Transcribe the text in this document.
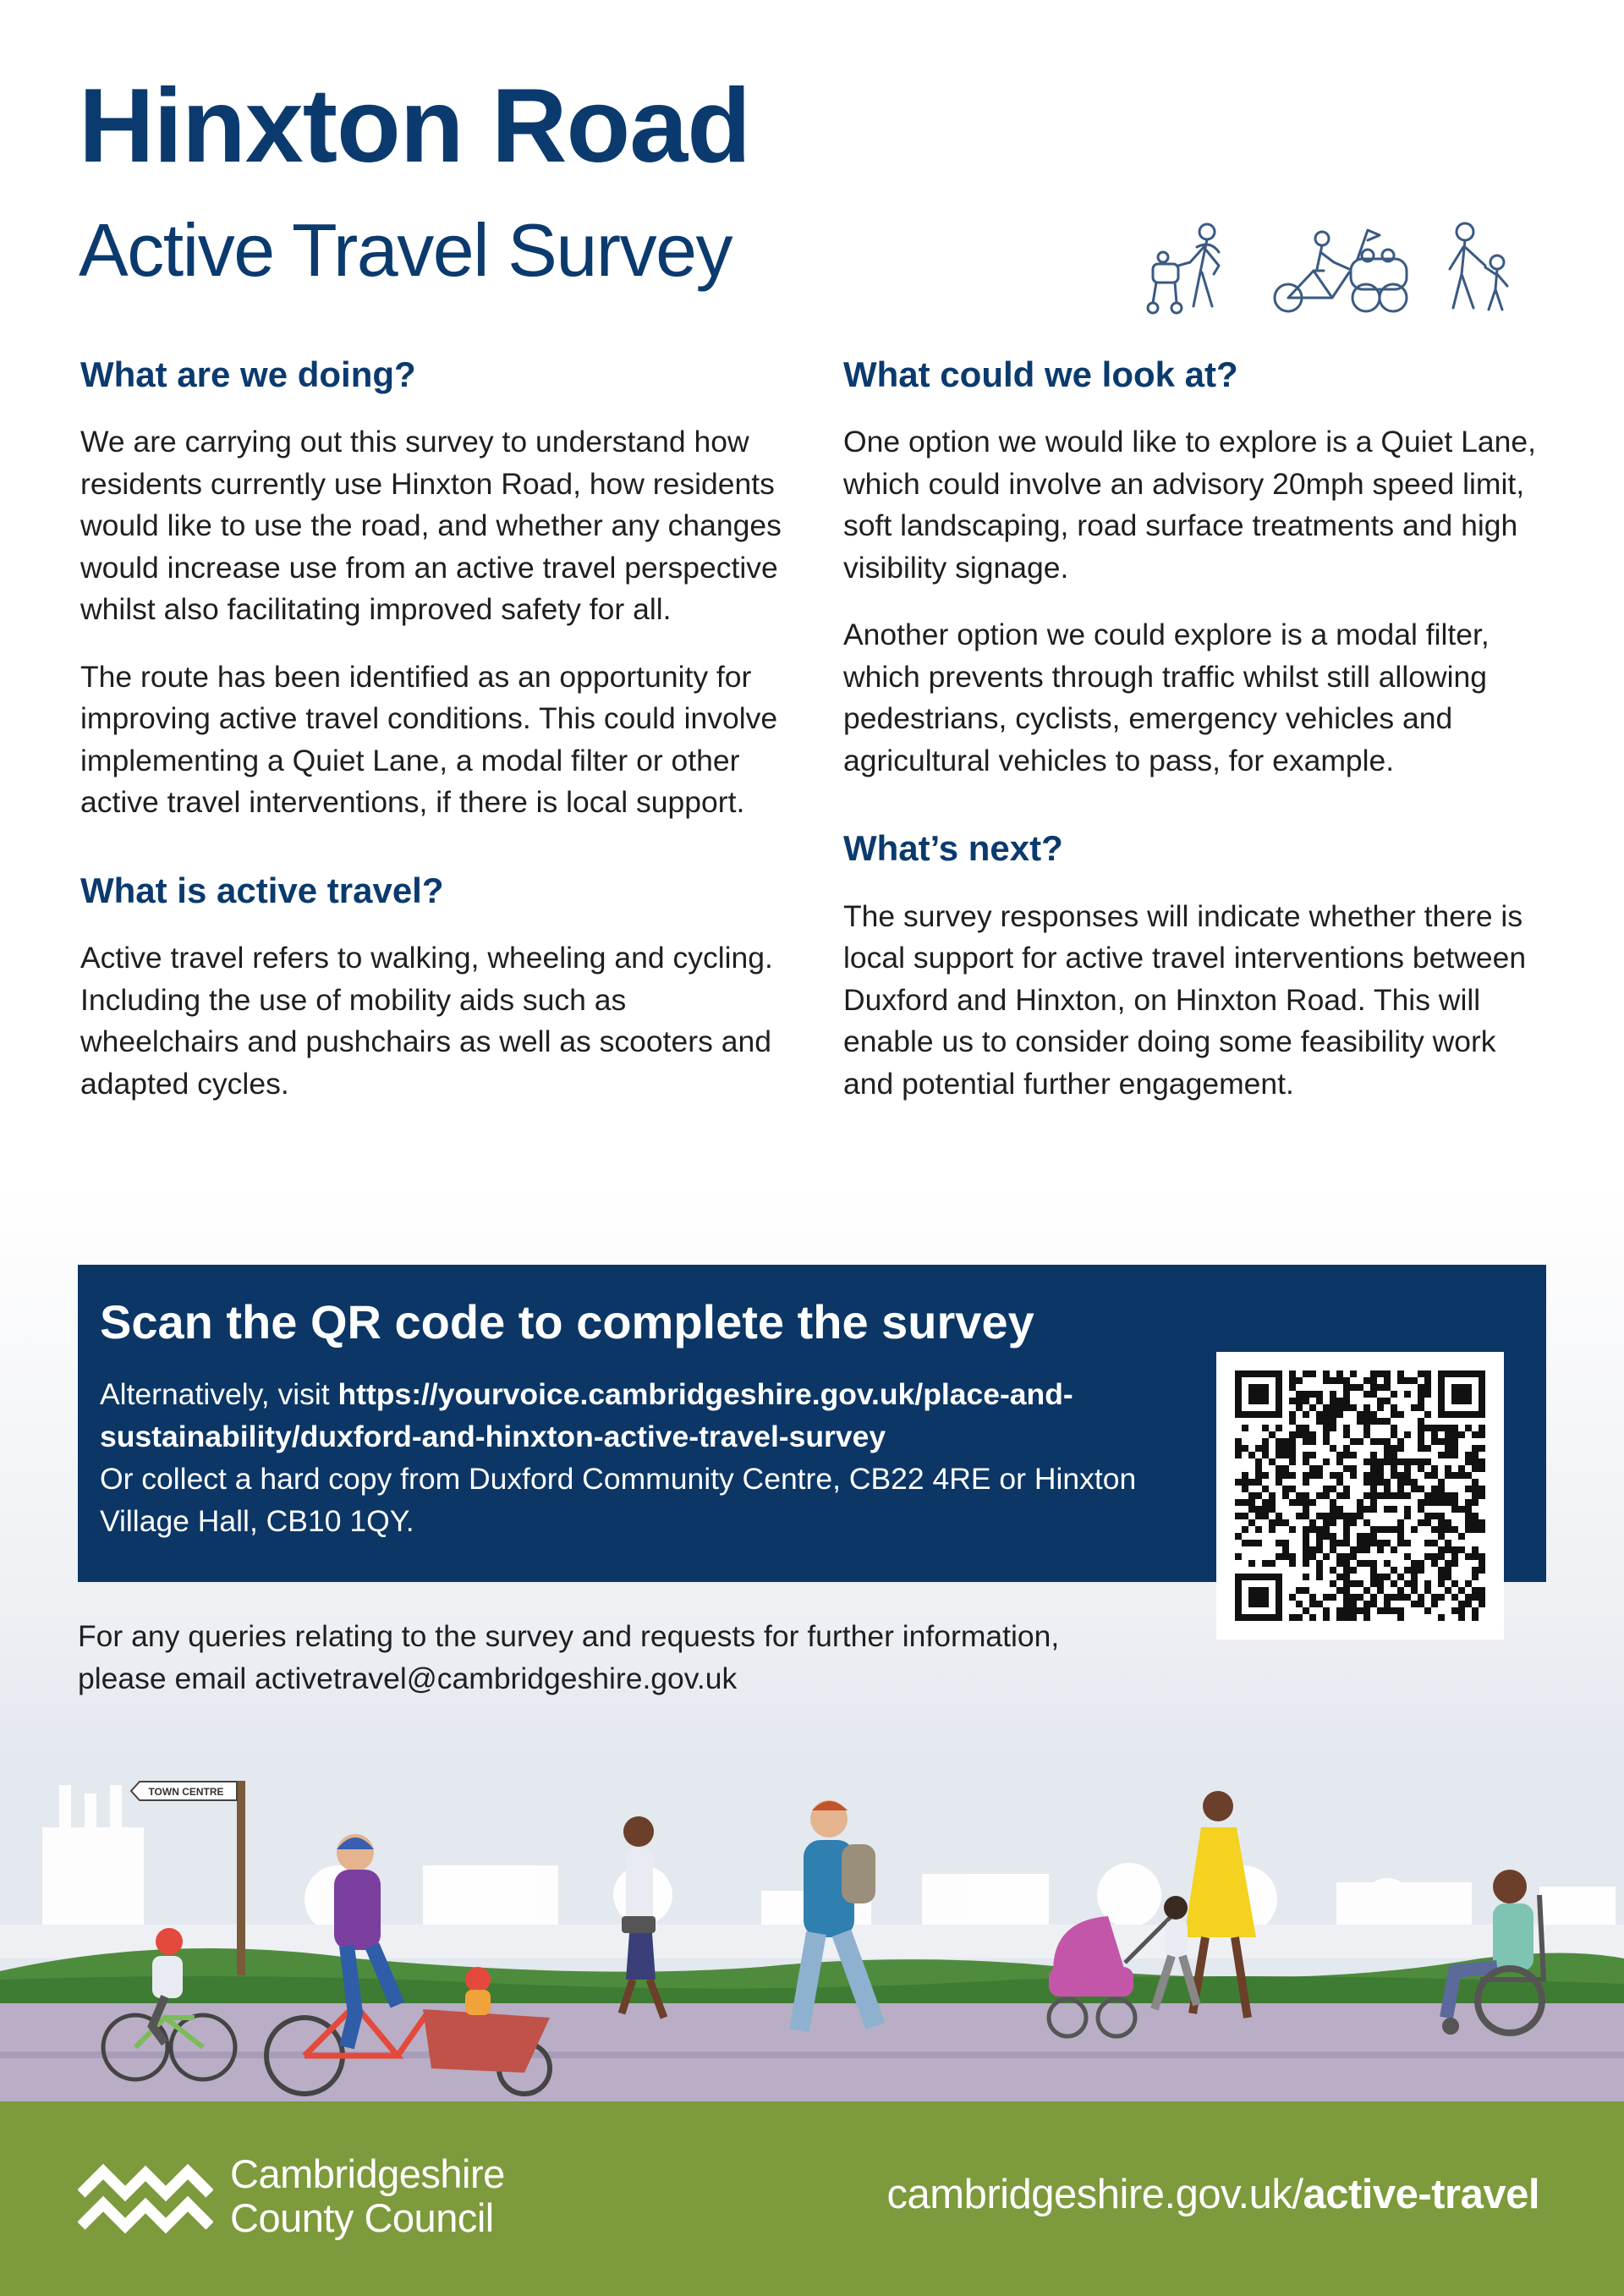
Hinxton Road
Active Travel Survey
What are we doing?

We are carrying out this survey to understand how residents currently use Hinxton Road, how residents would like to use the road, and whether any changes would increase use from an active travel perspective whilst also facilitating improved safety for all.

The route has been identified as an opportunity for improving active travel conditions. This could involve implementing a Quiet Lane, a modal filter or other active travel interventions, if there is local support.

What is active travel?

Active travel refers to walking, wheeling and cycling. Including the use of mobility aids such as wheelchairs and pushchairs as well as scooters and adapted cycles.

What could we look at?

One option we would like to explore is a Quiet Lane, which could involve an advisory 20mph speed limit, soft landscaping, road surface treatments and high visibility signage.

Another option we could explore is a modal filter, which prevents through traffic whilst still allowing pedestrians, cyclists, emergency vehicles and agricultural vehicles to pass, for example.

What’s next?

The survey responses will indicate whether there is local support for active travel interventions between Duxford and Hinxton, on Hinxton Road. This will enable us to consider doing some feasibility work and potential further engagement.

Scan the QR code to complete the survey

Alternatively, visit https://yourvoice.cambridgeshire.gov.uk/place-and-sustainability/duxford-and-hinxton-active-travel-survey

Or collect a hard copy from Duxford Community Centre, CB22 4RE or Hinxton Village Hall, CB10 1QY.

For any queries relating to the survey and requests for further information,
please email activetravel@cambridgeshire.gov.uk
TOWN CENTRE
Cambridgeshire
County Council
cambridgeshire.gov.uk/active-travel
